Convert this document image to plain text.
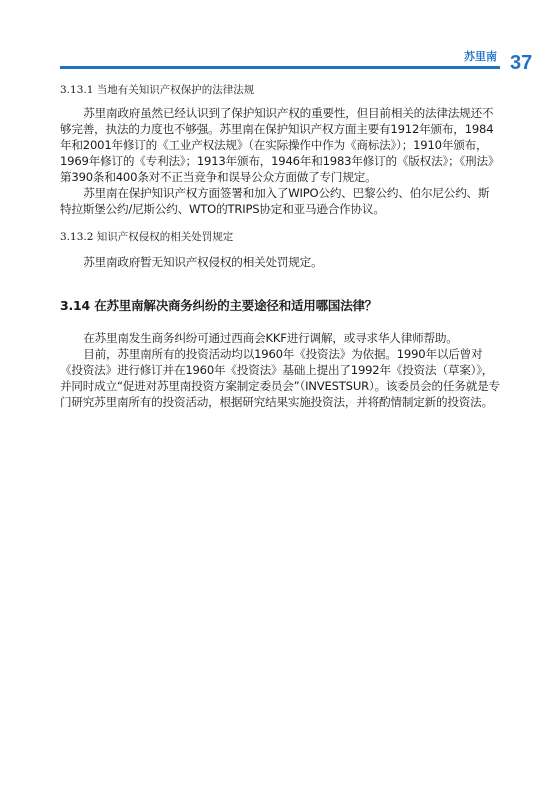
苏里南 37

3.13.1 当地有关知识产权保护的法律法规

苏里南政府虽然已经认识到了保护知识产权的重要性，但目前相关的法律法规还不够完善，执法的力度也不够强。苏里南在保护知识产权方面主要有1912年颁布，1984年和2001年修订的《工业产权法规》（在实际操作中作为《商标法》）；1910年颁布，1969年修订的《专利法》；1913年颁布，1946年和1983年修订的《版权法》；《刑法》第390条和400条对不正当竞争和误导公众方面做了专门规定。

苏里南在保护知识产权方面签署和加入了WIPO公约、巴黎公约、伯尔尼公约、斯特拉斯堡公约/尼斯公约、WTO的TRIPS协定和亚马逊合作协议。

3.13.2 知识产权侵权的相关处罚规定

苏里南政府暂无知识产权侵权的相关处罚规定。

3.14 在苏里南解决商务纠纷的主要途径和适用哪国法律？

在苏里南发生商务纠纷可通过西商会KKF进行调解，或寻求华人律师帮助。

目前，苏里南所有的投资活动均以1960年《投资法》为依据。1990年以后曾对《投资法》进行修订并在1960年《投资法》基础上提出了1992年《投资法（草案）》，并同时成立“促进对苏里南投资方案制定委员会”（INVESTSUR）。该委员会的任务就是专门研究苏里南所有的投资活动，根据研究结果实施投资法，并将酌情制定新的投资法。
